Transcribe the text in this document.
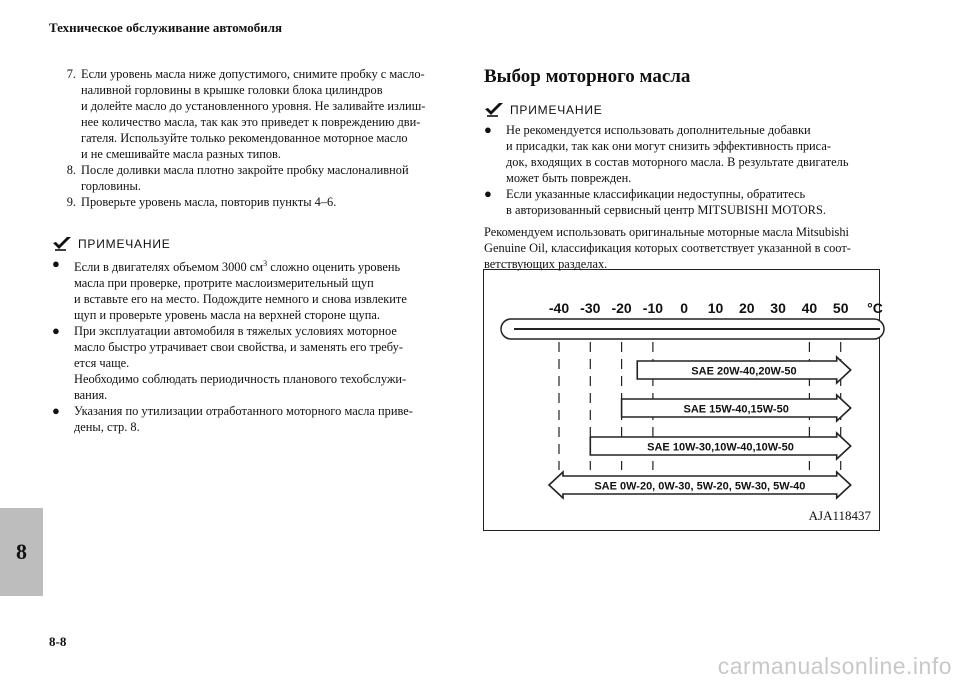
Техническое обслуживание автомобиля
8
8-8
carmanualsonline.info
7. Если уровень масла ниже допустимого, снимите пробку с масло-
наливной горловины в крышке головки блока цилиндров
и долейте масло до установленного уровня. Не заливайте излиш-
нее количество масла, так как это приведет к повреждению дви-
гателя. Используйте только рекомендованное моторное масло
и не смешивайте масла разных типов.
8. После доливки масла плотно закройте пробку маслоналивной
горловины.
9. Проверьте уровень масла, повторив пункты 4–6.
ПРИМЕЧАНИЕ
●	Если в двигателях объемом 3000 $см^3$ сложно оценить уровень
масла при проверке, протрите маслоизмерительный щуп
и вставьте его на место. Подождите немного и снова извлеките
щуп и проверьте уровень масла на верхней стороне щупа.
●	При эксплуатации автомобиля в тяжелых условиях моторное
масло быстро утрачивает свои свойства, и заменять его требу-
ется чаще.
Необходимо соблюдать периодичность планового техобслужи-
вания.
●	Указания по утилизации отработанного моторного масла приве-
дены, стр. 8.
Выбор моторного масла
ПРИМЕЧАНИЕ
●	Не рекомендуется использовать дополнительные добавки
и присадки, так как они могут снизить эффективность приса-
док, входящих в состав моторного масла. В результате двигатель
может быть поврежден.
●	Если указанные классификации недоступны, обратитесь
в авторизованный сервисный центр MITSUBISHI MOTORS.
Рекомендуем использовать оригинальные моторные масла Mitsubishi
Genuine Oil, классификация которых соответствует указанной в соот-
ветствующих разделах.
-40 -30 -20 -10 0 10 20 30 40 50 °C
SAE 20W-40,20W-50
SAE 15W-40,15W-50
SAE 10W-30,10W-40,10W-50
SAE 0W-20, 0W-30, 5W-20, 5W-30, 5W-40
AJA118437
